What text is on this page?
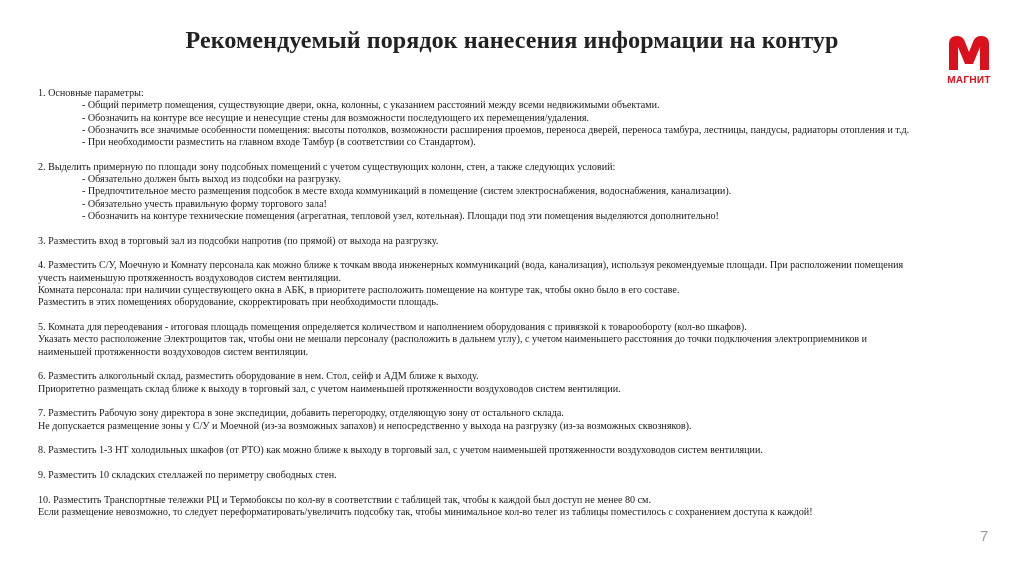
Рекомендуемый порядок нанесения информации на контур
МАГНИТ
1. Основные параметры:
- Общий периметр помещения, существующие двери, окна, колонны, с указанием расстояний между всеми недвижимыми объектами.
- Обозначить на контуре все несущие и ненесущие стены для возможности последующего их перемещения/удаления.
- Обозначить все значимые особенности помещения: высоты потолков, возможности расширения проемов, переноса дверей, переноса тамбура, лестницы, пандусы, радиаторы отопления и т.д.
- При необходимости разместить на главном входе Тамбур (в соответствии со Стандартом).
2. Выделить примерную по площади зону подсобных помещений с учетом существующих колонн, стен, а также следующих условий:
- Обязательно должен быть выход из подсобки на разгрузку.
- Предпочтительное место размещения подсобок в месте входа коммуникаций в помещение (систем электроснабжения, водоснабжения, канализации).
- Обязательно учесть правильную форму торгового зала!
- Обозначить на контуре технические помещения (агрегатная, тепловой узел, котельная). Площади под эти помещения выделяются дополнительно!
3. Разместить вход в торговый зал из подсобки напротив (по прямой) от выхода на разгрузку.
4. Разместить С/У, Моечную и Комнату персонала как можно ближе к точкам ввода инженерных коммуникаций (вода, канализация), используя рекомендуемые площади. При расположении помещения
учесть наименьшую протяженность воздуховодов систем вентиляции.
Комната персонала: при наличии существующего окна в АБК, в приоритете расположить помещение на контуре так, чтобы окно было в его составе.
Разместить в этих помещениях оборудование, скорректировать при необходимости площадь.
5. Комната для переодевания - итоговая площадь помещения определяется количеством и наполнением оборудования с привязкой к товарообороту (кол-во шкафов).
Указать место расположение Электрощитов так, чтобы они не мешали персоналу (расположить в дальнем углу), с учетом наименьшего расстояния до точки подключения электроприемников и
наименьшей протяженности воздуховодов систем вентиляции.
6. Разместить алкогольный склад, разместить оборудование в нем. Стол, сейф и АДМ ближе к выходу.
Приоритетно размещать склад ближе к выходу в торговый зал, с учетом наименьшей протяженности воздуховодов систем вентиляции.
7. Разместить Рабочую зону директора в зоне экспедиции, добавить перегородку, отделяющую зону от остального склада.
Не допускается размещение зоны у С/У и Моечной (из-за возможных запахов) и непосредственно у выхода на разгрузку (из-за возможных сквозняков).
8. Разместить 1-3 НТ холодильных шкафов (от РТО) как можно ближе к выходу в торговый зал, с учетом наименьшей протяженности воздуховодов систем вентиляции.
9. Разместить 10 складских стеллажей по периметру свободных стен.
10. Разместить Транспортные тележки РЦ и Термобоксы по кол-ву в соответствии с таблицей так, чтобы к каждой был доступ не менее 80 см.
Если размещение невозможно, то следует переформатировать/увеличить подсобку так, чтобы минимальное кол-во телег из таблицы поместилось с сохранением доступа к каждой!
7
